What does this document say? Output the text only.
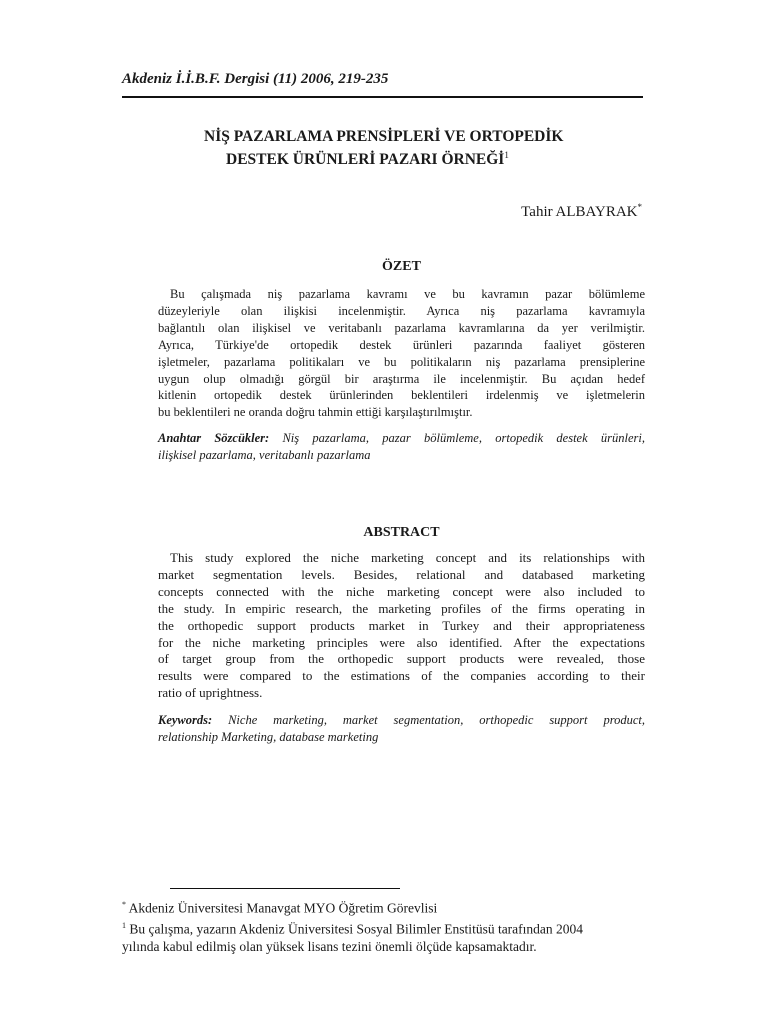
Akdeniz İ.İ.B.F. Dergisi (11) 2006, 219-235
NİŞ PAZARLAMA PRENSİPLERİ VE ORTOPEDİK
DESTEK ÜRÜNLERİ PAZARI ÖRNEĞİ$^1$
Tahir ALBAYRAK*
ÖZET
Bu çalışmada niş pazarlama kavramı ve bu kavramın pazar bölümleme
düzeyleriyle olan ilişkisi incelenmiştir. Ayrıca niş pazarlama kavramıyla
bağlantılı olan ilişkisel ve veritabanlı pazarlama kavramlarına da yer verilmiştir.
Ayrıca, Türkiye'de ortopedik destek ürünleri pazarında faaliyet gösteren
işletmeler, pazarlama politikaları ve bu politikaların niş pazarlama prensiplerine
uygun olup olmadığı görgül bir araştırma ile incelenmiştir. Bu açıdan hedef
kitlenin ortopedik destek ürünlerinden beklentileri irdelenmiş ve işletmelerin
bu beklentileri ne oranda doğru tahmin ettiği karşılaştırılmıştır.
Anahtar Sözcükler: Niş pazarlama, pazar bölümleme, ortopedik destek ürünleri,
ilişkisel pazarlama, veritabanlı pazarlama
ABSTRACT
This study explored the niche marketing concept and its relationships with
market segmentation levels. Besides, relational and databased marketing
concepts connected with the niche marketing concept were also included to
the study. In empiric research, the marketing profiles of the firms operating in
the orthopedic support products market in Turkey and their appropriateness
for the niche marketing principles were also identified. After the expectations
of target group from the orthopedic support products were revealed, those
results were compared to the estimations of the companies according to their
ratio of uprightness.
Keywords: Niche marketing, market segmentation, orthopedic support product,
relationship Marketing, database marketing
* Akdeniz Üniversitesi Manavgat MYO Öğretim Görevlisi
$^1$ Bu çalışma, yazarın Akdeniz Üniversitesi Sosyal Bilimler Enstitüsü tarafından 2004
yılında kabul edilmiş olan yüksek lisans tezini önemli ölçüde kapsamaktadır.
